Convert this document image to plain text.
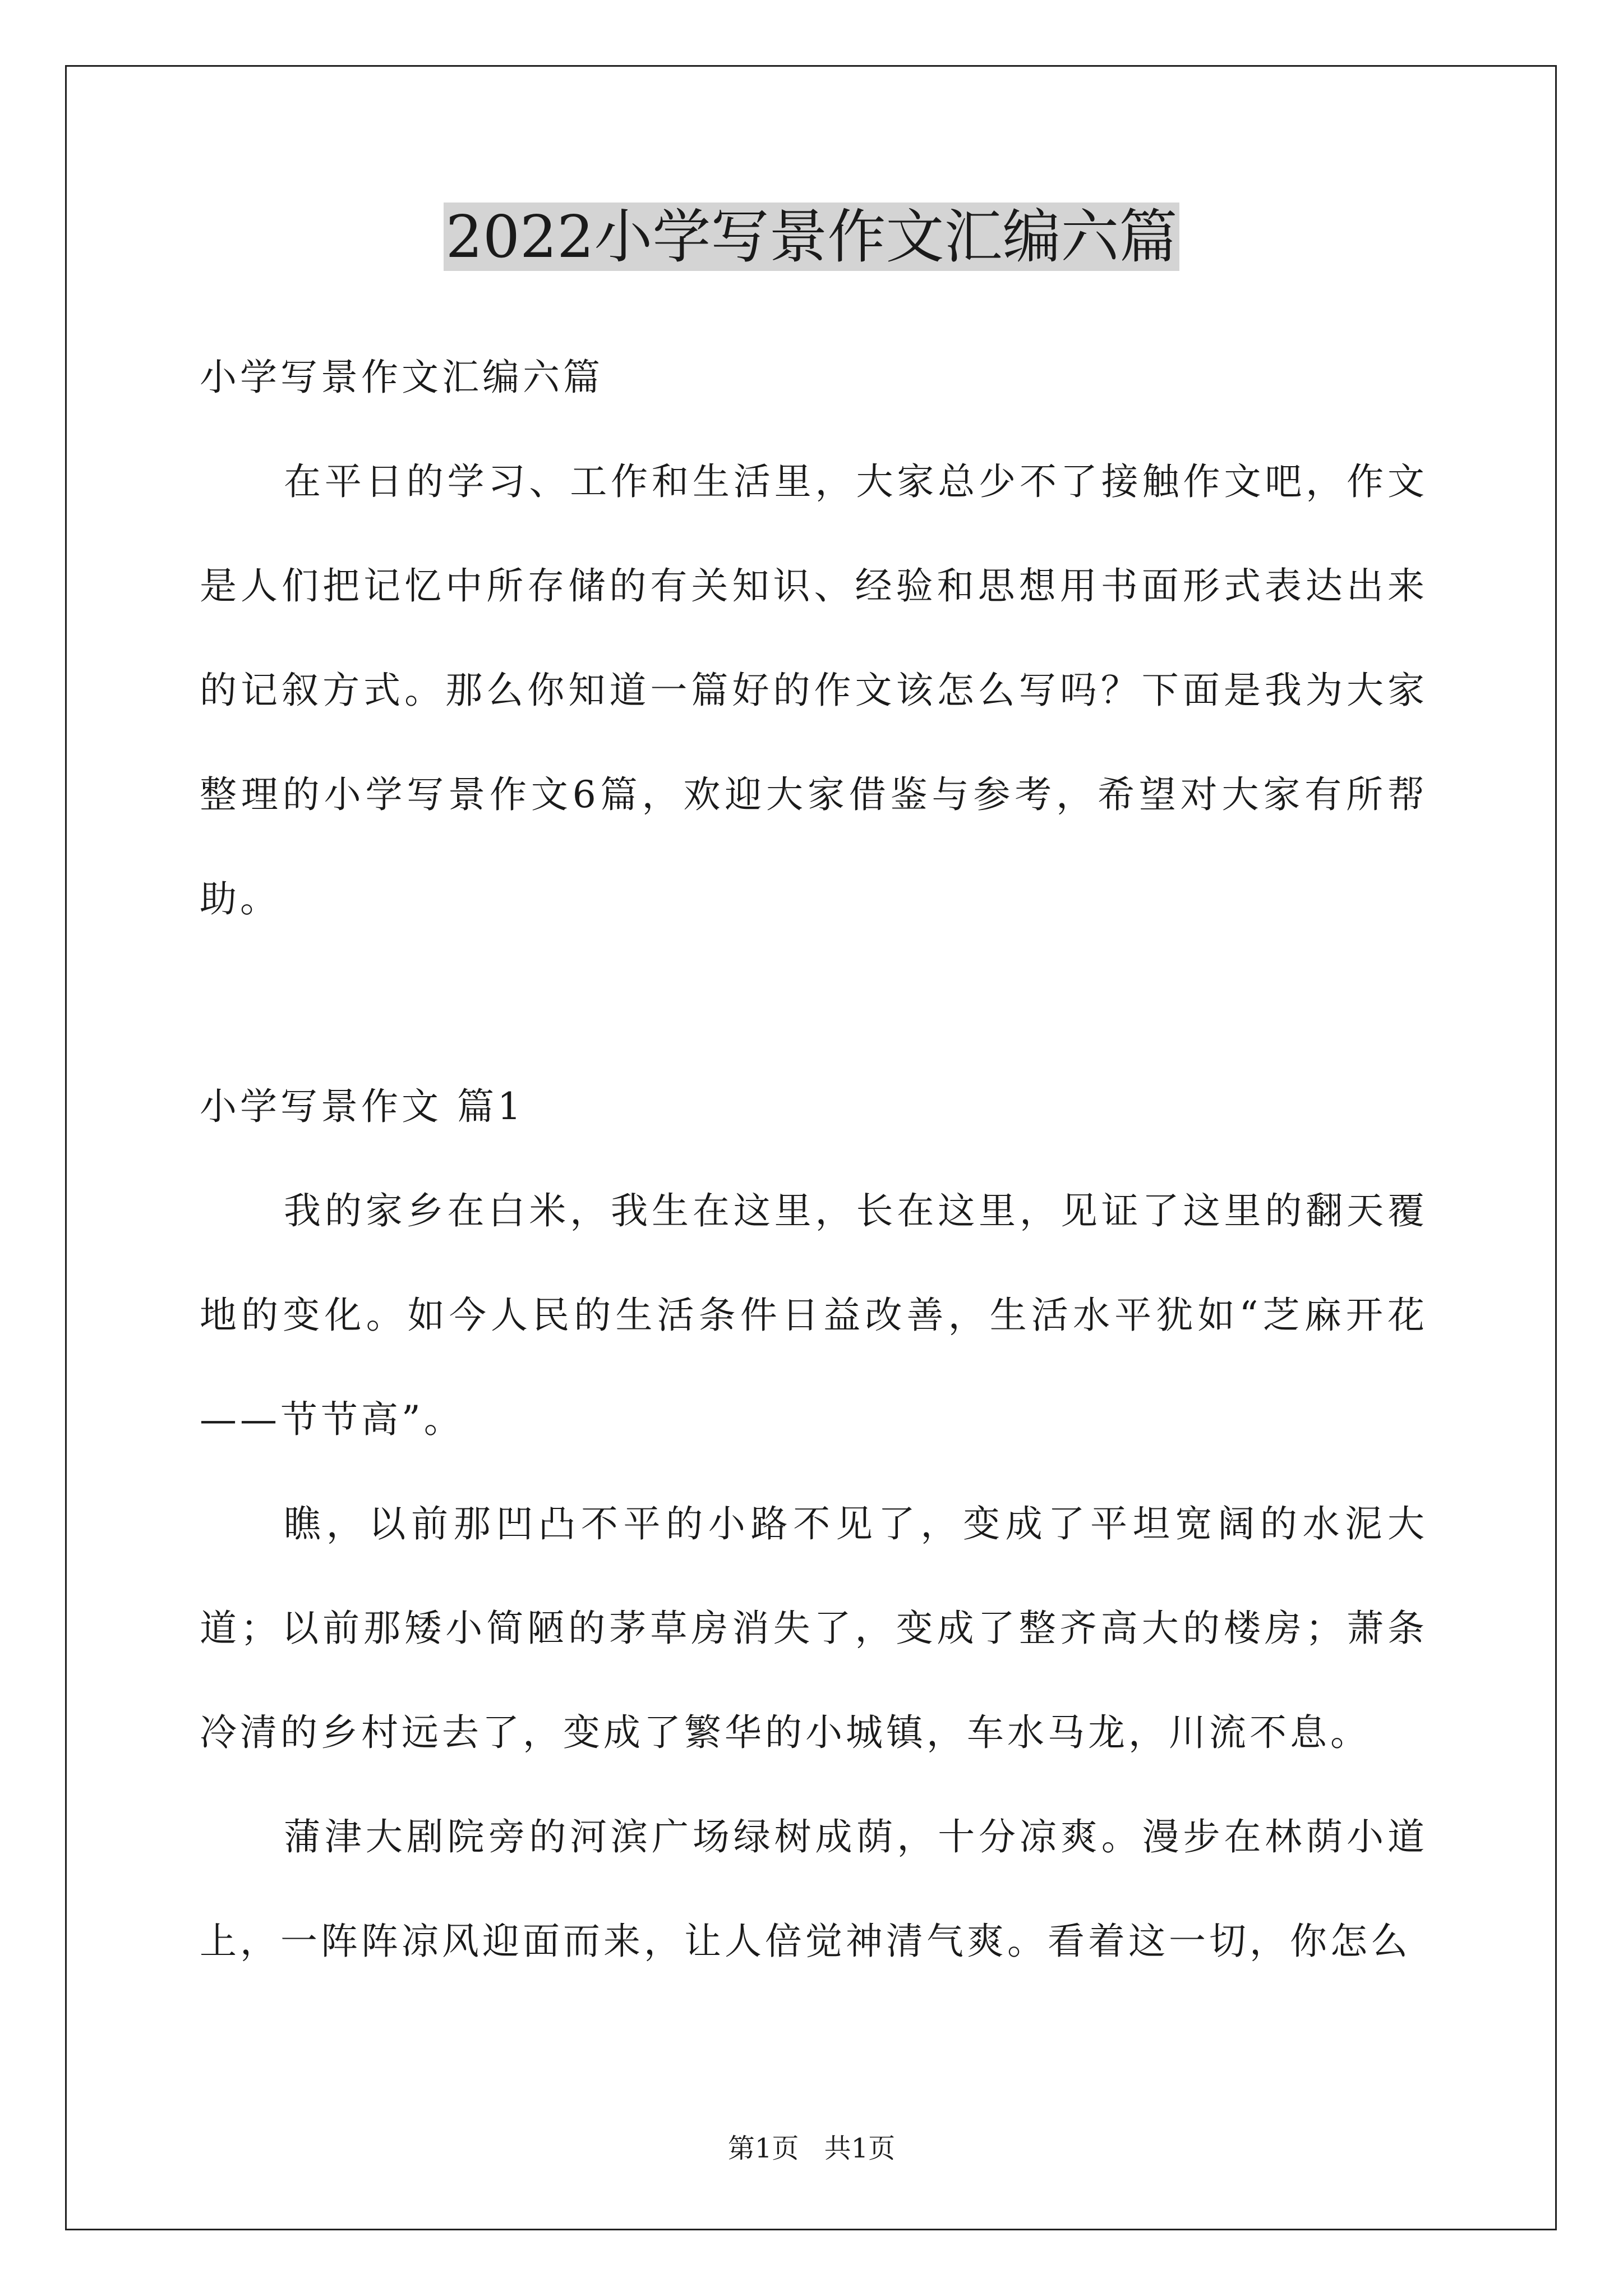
2022小学写景作文汇编六篇
小学写景作文汇编六篇

在平日的学习、工作和生活里，大家总少不了接触作文吧，作文是人们把记忆中所存储的有关知识、经验和思想用书面形式表达出来的记叙方式。那么你知道一篇好的作文该怎么写吗？下面是我为大家整理的小学写景作文6篇，欢迎大家借鉴与参考，希望对大家有所帮助。

小学写景作文 篇1

我的家乡在白米，我生在这里，长在这里，见证了这里的翻天覆地的变化。如今人民的生活条件日益改善，生活水平犹如“芝麻开花——节节高”。

瞧，以前那凹凸不平的小路不见了，变成了平坦宽阔的水泥大道；以前那矮小简陋的茅草房消失了，变成了整齐高大的楼房；萧条冷清的乡村远去了，变成了繁华的小城镇，车水马龙，川流不息。

蒲津大剧院旁的河滨广场绿树成荫，十分凉爽。漫步在林荫小道上，一阵阵凉风迎面而来，让人倍觉神清气爽。看着这一切，你怎么

第1页 共1页
